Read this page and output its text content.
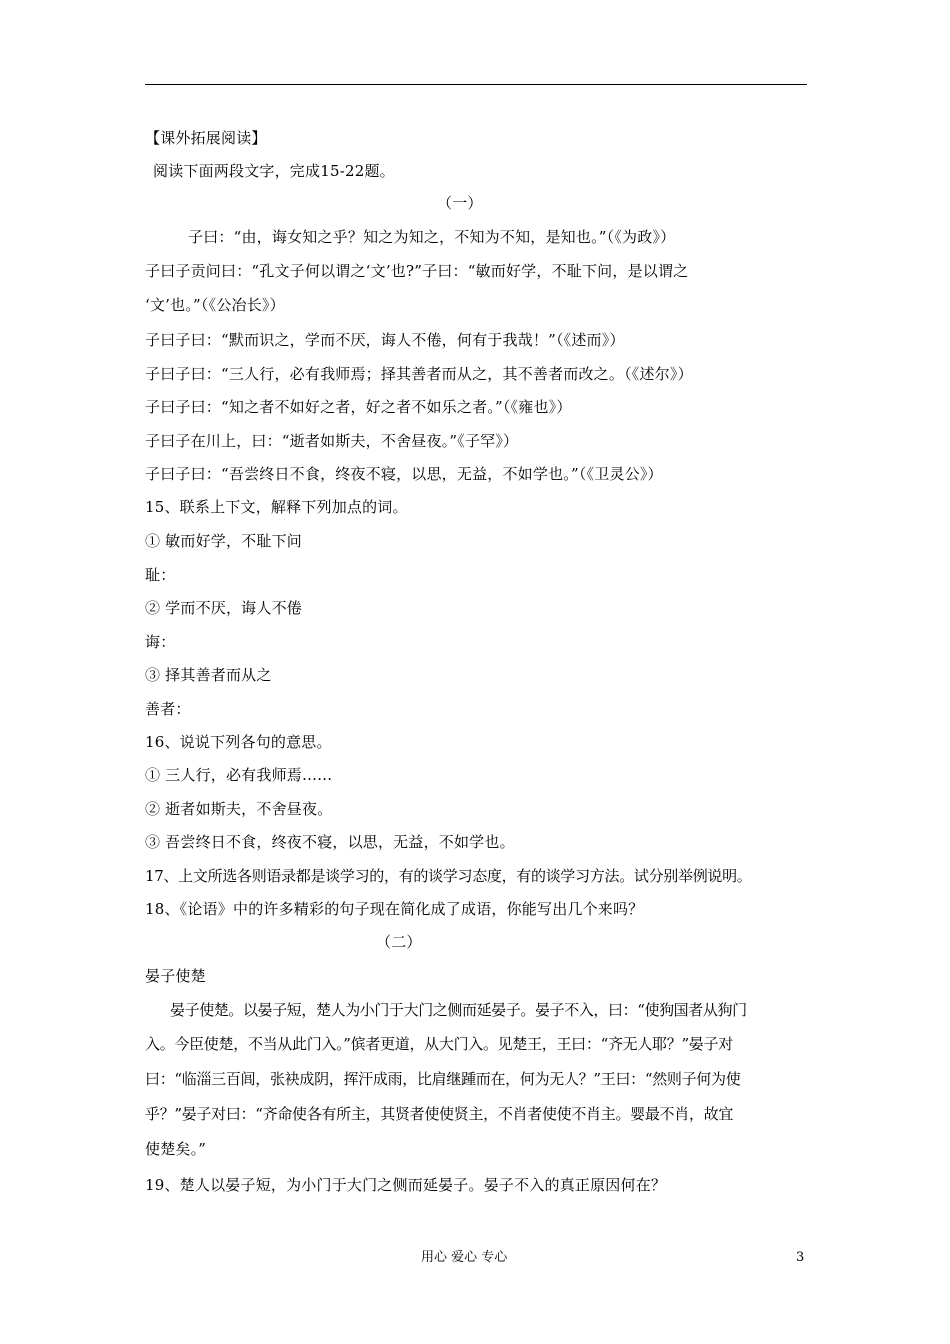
【课外拓展阅读】
阅读下面两段文字，完成15-22题。
（一）
子曰：“由，诲女知之乎？知之为知之，不知为不知，是知也。”（《为政》）
子曰子贡问曰：“孔文子何以谓之‘文’也?”子曰：“敏而好学，不耻下问，是以谓之
‘文’也。”（《公冶长》）
子曰子曰：“默而识之，学而不厌，诲人不倦，何有于我哉！”（《述而》）
子曰子曰：“三人行，必有我师焉；择其善者而从之，其不善者而改之。（《述尔》）
子曰子曰：“知之者不如好之者，好之者不如乐之者。”（《雍也》）
子曰子在川上，曰：“逝者如斯夫，不舍昼夜。”《子罕》）
子曰子曰：“吾尝终日不食，终夜不寝，以思，无益，不如学也。”（《卫灵公》）
15、联系上下文，解释下列加点的词。
① 敏而好学，不耻下问
耻：
② 学而不厌，诲人不倦
诲：
③ 择其善者而从之
善者：
16、说说下列各句的意思。
① 三人行，必有我师焉……
② 逝者如斯夫，不舍昼夜。
③ 吾尝终日不食，终夜不寝，以思，无益，不如学也。
17、上文所选各则语录都是谈学习的，有的谈学习态度，有的谈学习方法。试分别举例说明。
18、《论语》中的许多精彩的句子现在简化成了成语，你能写出几个来吗？
（二）
晏子使楚
晏子使楚。以晏子短，楚人为小门于大门之侧而延晏子。晏子不入，曰：“使狗国者从狗门
入。今臣使楚，不当从此门入。”傧者更道，从大门入。见楚王，王曰：“齐无人耶？”晏子对
曰：“临淄三百闾，张袂成阴，挥汗成雨，比肩继踵而在，何为无人？”王曰：“然则子何为使
乎？”晏子对曰：“齐命使各有所主，其贤者使使贤主，不肖者使使不肖主。婴最不肖，故宜
使楚矣。”
19、楚人以晏子短，为小门于大门之侧而延晏子。晏子不入的真正原因何在？
用心 爱心 专心	3
